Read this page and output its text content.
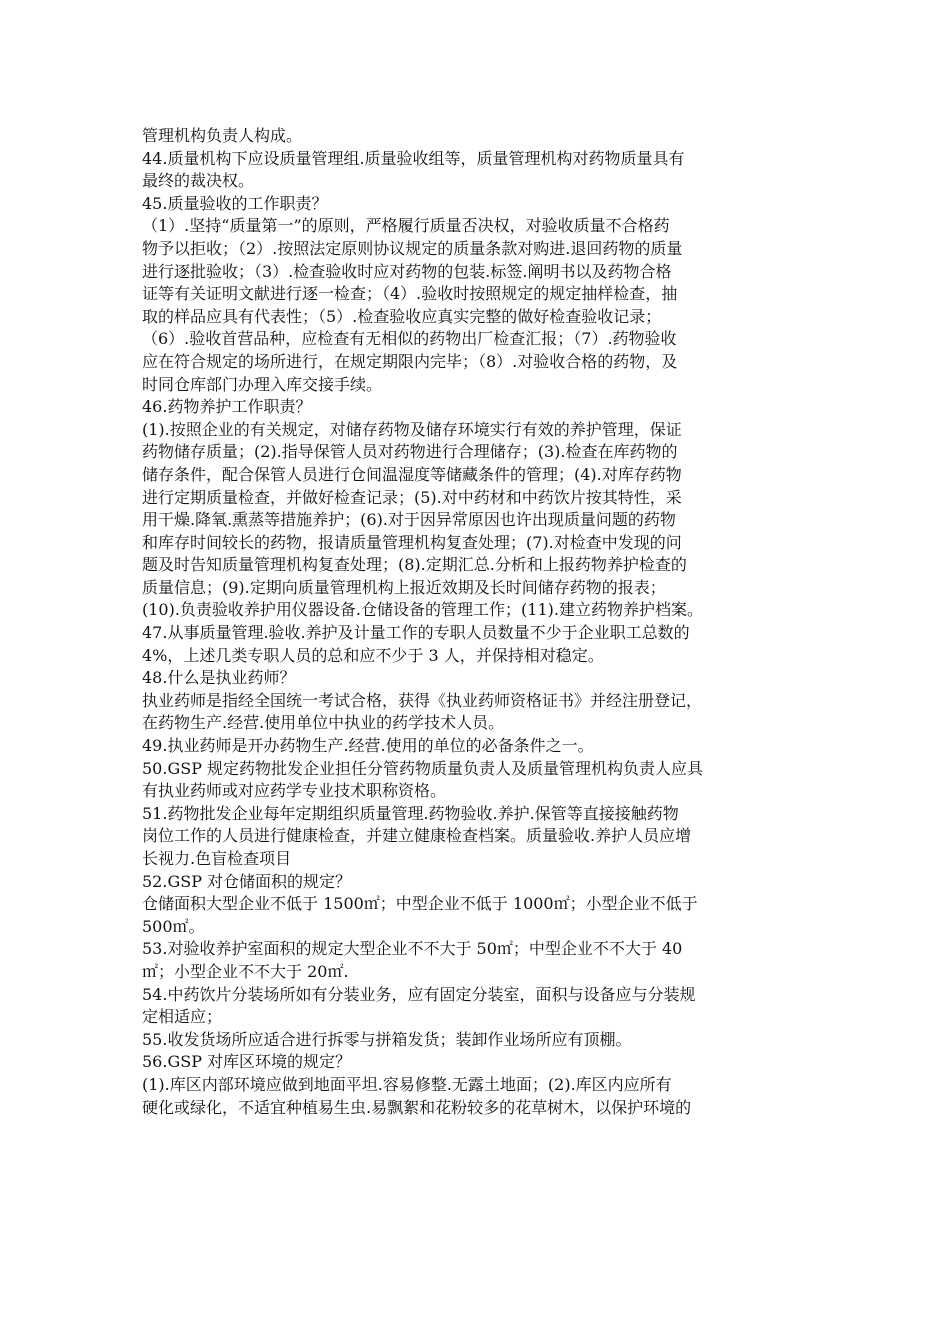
管理机构负责人构成。

44.质量机构下应设质量管理组.质量验收组等，质量管理机构对药物质量具有

最终的裁决权。

45.质量验收的工作职责？

（1）.坚持“质量第一”的原则，严格履行质量否决权，对验收质量不合格药

物予以拒收；（2）.按照法定原则协议规定的质量条款对购进.退回药物的质量

进行逐批验收；（3）.检查验收时应对药物的包装.标签.阐明书以及药物合格

证等有关证明文献进行逐一检查；（4）.验收时按照规定的规定抽样检查，抽

取的样品应具有代表性；（5）.检查验收应真实完整的做好检查验收记录；

（6）.验收首营品种，应检查有无相似的药物出厂检查汇报；（7）.药物验收

应在符合规定的场所进行，在规定期限内完毕；（8）.对验收合格的药物，及

时同仓库部门办理入库交接手续。

46.药物养护工作职责？

(1).按照企业的有关规定，对储存药物及储存环境实行有效的养护管理，保证

药物储存质量；(2).指导保管人员对药物进行合理储存；(3).检查在库药物的

储存条件，配合保管人员进行仓间温湿度等储藏条件的管理；(4).对库存药物

进行定期质量检查，并做好检查记录；(5).对中药材和中药饮片按其特性，采

用干燥.降氧.熏蒸等措施养护；(6).对于因异常原因也许出现质量问题的药物

和库存时间较长的药物，报请质量管理机构复查处理；(7).对检查中发现的问

题及时告知质量管理机构复查处理；(8).定期汇总.分析和上报药物养护检查的

质量信息；(9).定期向质量管理机构上报近效期及长时间储存药物的报表；

(10).负责验收养护用仪器设备.仓储设备的管理工作；(11).建立药物养护档案。

47.从事质量管理.验收.养护及计量工作的专职人员数量不少于企业职工总数的

4%，上述几类专职人员的总和应不少于 3 人，并保持相对稳定。

48.什么是执业药师？

执业药师是指经全国统一考试合格，获得《执业药师资格证书》并经注册登记，

在药物生产.经营.使用单位中执业的药学技术人员。

49.执业药师是开办药物生产.经营.使用的单位的必备条件之一。

50.GSP 规定药物批发企业担任分管药物质量负责人及质量管理机构负责人应具

有执业药师或对应药学专业技术职称资格。

51.药物批发企业每年定期组织质量管理.药物验收.养护.保管等直接接触药物

岗位工作的人员进行健康检查，并建立健康检查档案。质量验收.养护人员应增

长视力.色盲检查项目

52.GSP 对仓储面积的规定？

仓储面积大型企业不低于 1500㎡；中型企业不低于 1000㎡；小型企业不低于

500㎡。

53.对验收养护室面积的规定大型企业不不大于 50㎡；中型企业不不大于 40

㎡；小型企业不不大于 20㎡.

54.中药饮片分装场所如有分装业务，应有固定分装室，面积与设备应与分装规

定相适应；

55.收发货场所应适合进行拆零与拼箱发货；装卸作业场所应有顶棚。

56.GSP 对库区环境的规定？

(1).库区内部环境应做到地面平坦.容易修整.无露土地面；(2).库区内应所有

硬化或绿化，不适宜种植易生虫.易飘絮和花粉较多的花草树木，以保护环境的
